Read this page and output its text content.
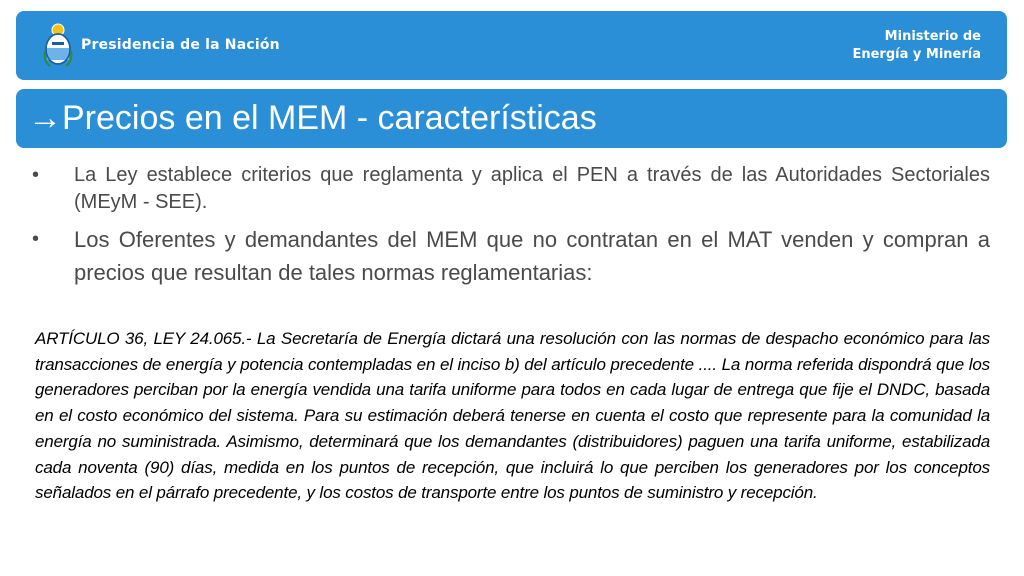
Presidencia de la Nación
Ministerio de
Energía y Minería
→Precios en el MEM - características
• La Ley establece criterios que reglamenta y aplica el PEN a través de las Autoridades Sectoriales (MEyM - SEE).
• Los Oferentes y demandantes del MEM que no contratan en el MAT venden y compran a precios que resultan de tales normas reglamentarias:

ARTÍCULO 36, LEY 24.065.- La Secretaría de Energía dictará una resolución con las normas de despacho económico para las transacciones de energía y potencia contempladas en el inciso b) del artículo precedente .... La norma referida dispondrá que los generadores perciban por la energía vendida una tarifa uniforme para todos en cada lugar de entrega que fije el DNDC, basada en el costo económico del sistema. Para su estimación deberá tenerse en cuenta el costo que represente para la comunidad la energía no suministrada. Asimismo, determinará que los demandantes (distribuidores) paguen una tarifa uniforme, estabilizada cada noventa (90) días, medida en los puntos de recepción, que incluirá lo que perciben los generadores por los conceptos señalados en el párrafo precedente, y los costos de transporte entre los puntos de suministro y recepción.
